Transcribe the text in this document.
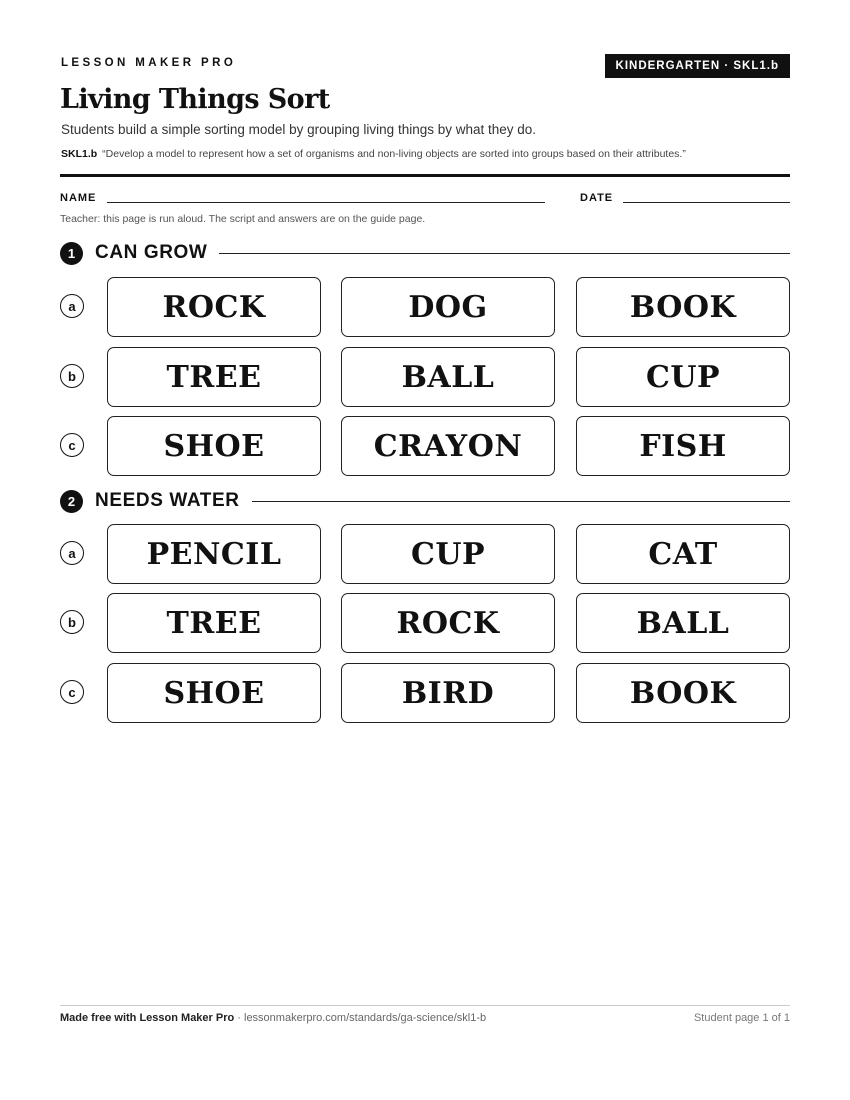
LESSON MAKER PRO	KINDERGARTEN · SKL1.b
Living Things Sort
Students build a simple sorting model by grouping living things by what they do.
SKL1.b “Develop a model to represent how a set of organisms and non-living objects are sorted into groups based on their attributes.”
NAME	DATE
Teacher: this page is run aloud. The script and answers are on the guide page.
1	CAN GROW
a	ROCK	DOG	BOOK
b	TREE	BALL	CUP
c	SHOE	CRAYON	FISH
2	NEEDS WATER
a	PENCIL	CUP	CAT
b	TREE	ROCK	BALL
c	SHOE	BIRD	BOOK
Made free with Lesson Maker Pro · lessonmakerpro.com/standards/ga-science/skl1-b	Student page 1 of 1
